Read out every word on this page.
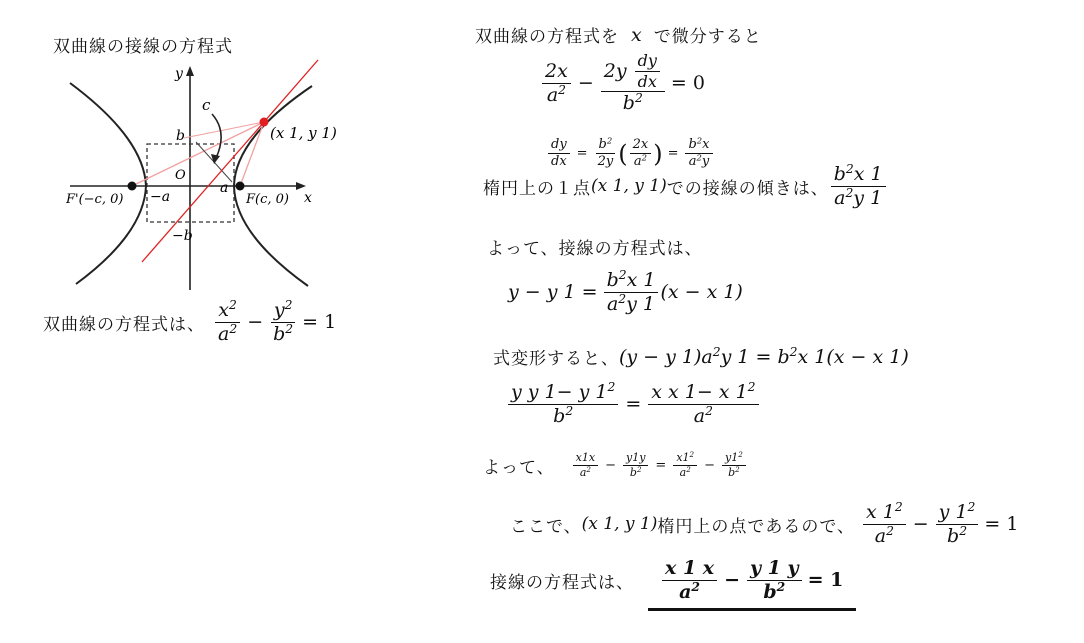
双曲線の接線の方程式
y
x
O
c
b
−b
−a
a
F'(−c, 0)	F(c, 0)
(x 1, y 1)
双曲線の方程式は、 $\frac{x^2}{a^2} - \frac{y^2}{b^2} = 1$
双曲線の方程式を x で微分すると
$\frac{2x}{a^2} - \frac{2y \frac{dy}{dx}}{b^2} = 0$
$\frac{dy}{dx} = \frac{b^2}{2y}$ ( $\frac{2x}{a^2}$ ) = $\frac{b^2x}{a^2y}$
楕円上の１点 (x 1, y 1) での接線の傾きは、 $\frac{b^2x 1}{a^2y 1}$
よって、接線の方程式は、
y − y $1 = \frac{b^2x 1}{a^2y 1} (x - x$ 1)
式変形すると、 (y − y $1)a^2y$ $1 = b^2x$ 1(x − x 1)
$\frac{y y 1- y 1^2}{b^2} = \frac{x x 1- x 1^2}{a^2}$
よって、 $\frac{x1x}{a^2} - \frac{y1y}{b^2} = \frac{x1^2}{a^2} - \frac{y1^2}{b^2}$
ここで、 (x 1, y 1) 楕円上の点であるので、 $\frac{x 1^2}{a^2} - \frac{y 1^2}{b^2} = 1$
接線の方程式は、 $\frac{x 1 x}{a^2} - \frac{y 1 y}{b^2} = 1$
